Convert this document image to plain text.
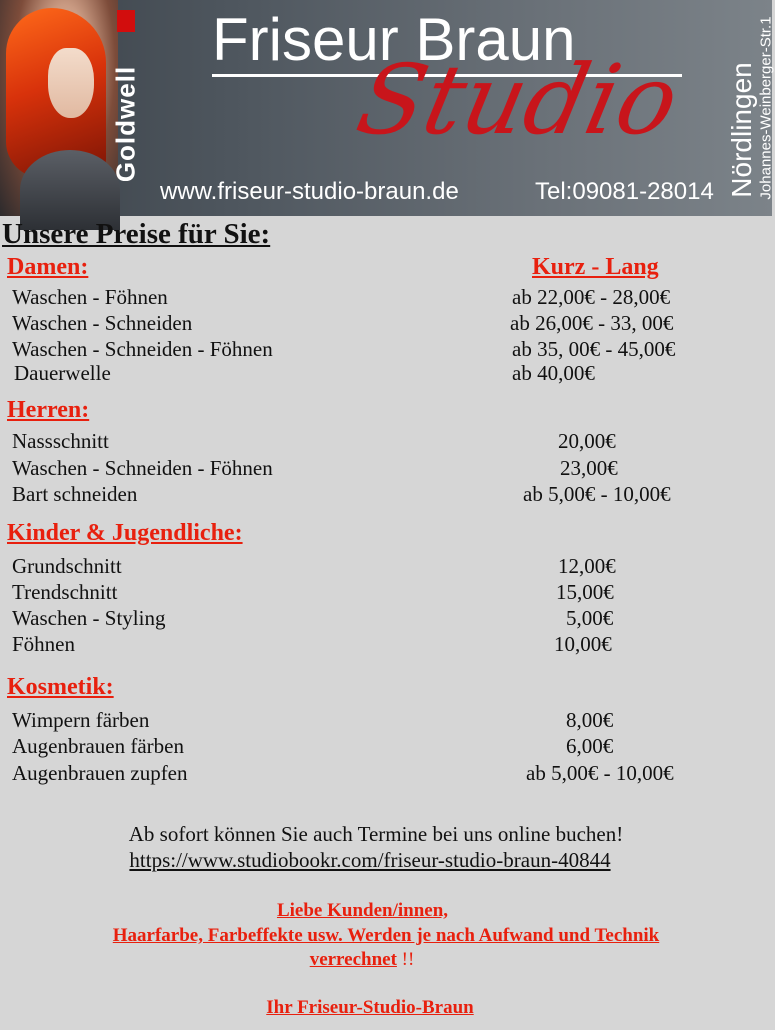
Goldwell
Friseur Braun
Studio
www.friseur-studio-braun.de	Tel:09081-28014 Nördlingen Johannes-Weinberger-Str.1
Unsere Preise für Sie:
Damen:	Kurz - Lang
Waschen - Föhnen	ab 22,00€ - 28,00€
Waschen - Schneiden	ab 26,00€ - 33, 00€
Waschen - Schneiden - Föhnen	ab 35, 00€ - 45,00€
Dauerwelle	ab 40,00€
Herren:
Nassschnitt	20,00€
Waschen - Schneiden - Föhnen	23,00€
Bart schneiden	ab 5,00€ - 10,00€
Kinder & Jugendliche:
Grundschnitt	12,00€
Trendschnitt	15,00€
Waschen - Styling	5,00€
Föhnen	10,00€
Kosmetik:
Wimpern färben	8,00€
Augenbrauen färben	6,00€
Augenbrauen zupfen	ab 5,00€ - 10,00€
Ab sofort können Sie auch Termine bei uns online buchen!
https://www.studiobookr.com/friseur-studio-braun-40844
Liebe Kunden/innen,
Haarfarbe, Farbeffekte usw. Werden je nach Aufwand und Technik
verrechnet !!
Ihr Friseur-Studio-Braun
